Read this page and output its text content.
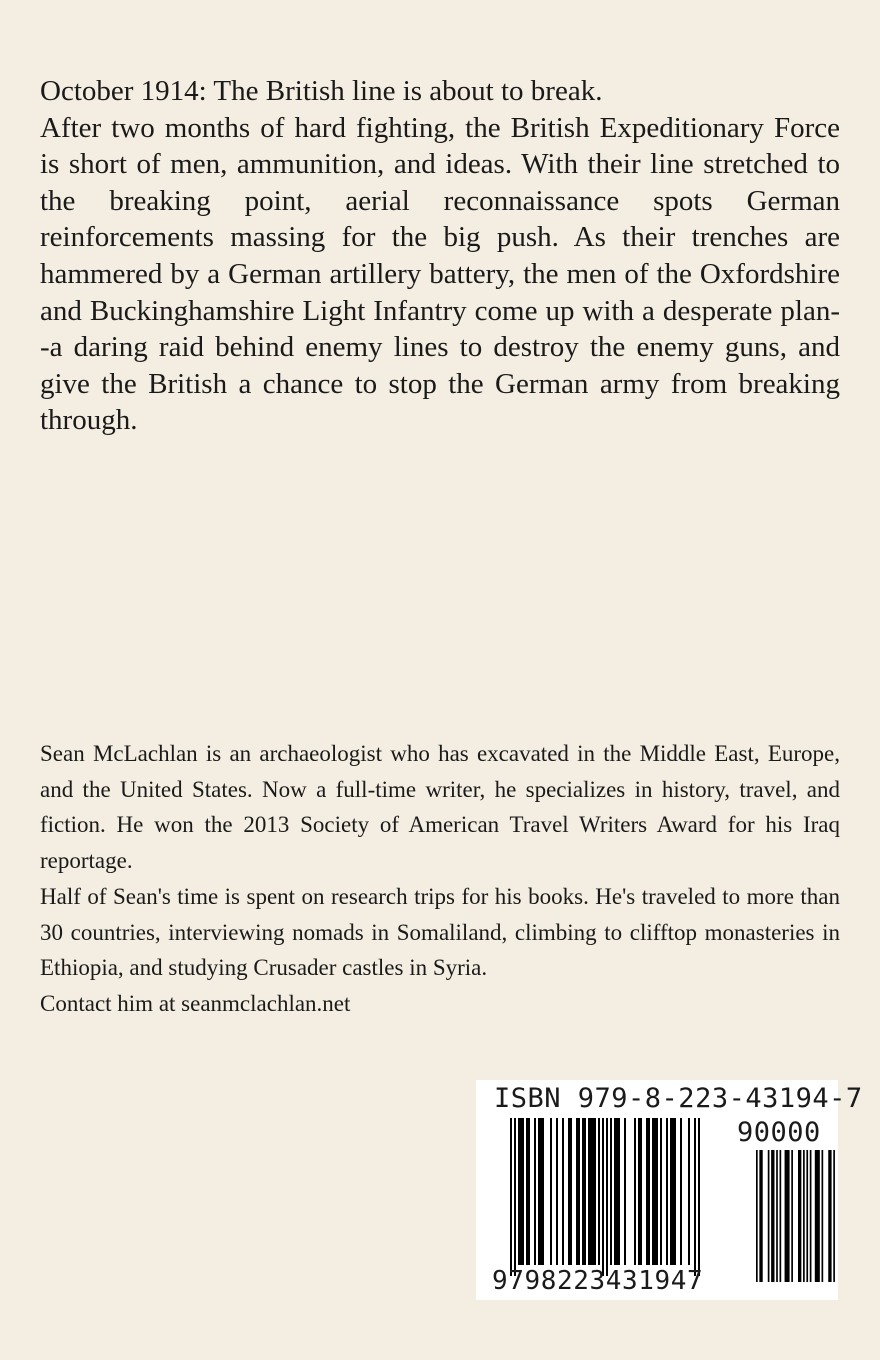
October 1914: The British line is about to break.

After two months of hard fighting, the British Expeditionary Force is short of men, ammunition, and ideas. With their line stretched to the breaking point, aerial reconnaissance spots German reinforcements massing for the big push. As their trenches are hammered by a German artillery battery, the men of the Oxfordshire and Buckinghamshire Light Infantry come up with a desperate plan--a daring raid behind enemy lines to destroy the enemy guns, and give the British a chance to stop the German army from breaking through.

Sean McLachlan is an archaeologist who has excavated in the Middle East, Europe, and the United States. Now a full-time writer, he specializes in history, travel, and fiction. He won the 2013 Society of American Travel Writers Award for his Iraq reportage.

Half of Sean's time is spent on research trips for his books. He's traveled to more than 30 countries, interviewing nomads in Somaliland, climbing to clifftop monasteries in Ethiopia, and studying Crusader castles in Syria.

Contact him at seanmclachlan.net

ISBN 979-8-223-43194-7
90000
9798223431947
